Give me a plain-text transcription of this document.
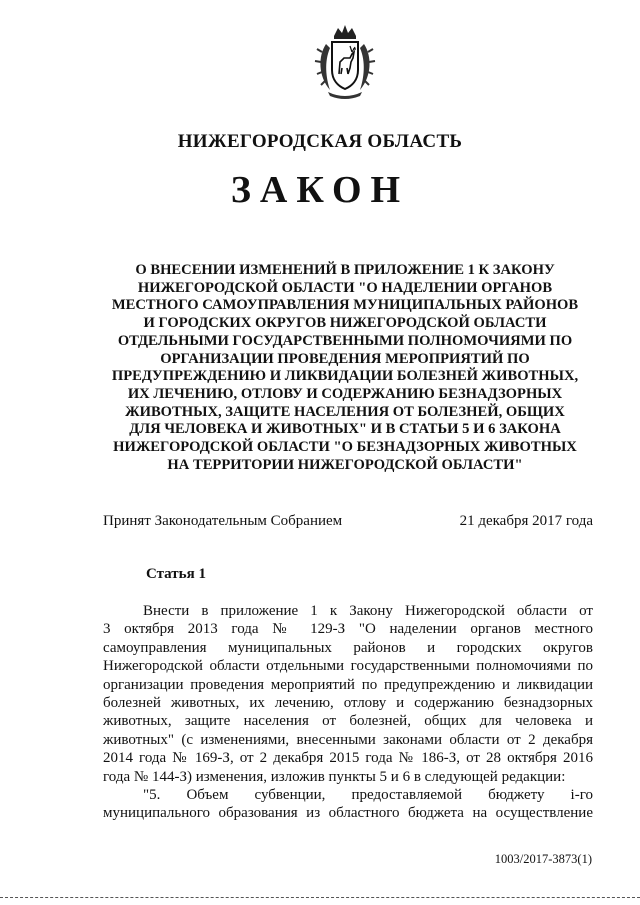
НИЖЕГОРОДСКАЯ ОБЛАСТЬ
ЗАКОН
О ВНЕСЕНИИ ИЗМЕНЕНИЙ В ПРИЛОЖЕНИЕ 1 К ЗАКОНУ
НИЖЕГОРОДСКОЙ ОБЛАСТИ "О НАДЕЛЕНИИ ОРГАНОВ
МЕСТНОГО САМОУПРАВЛЕНИЯ МУНИЦИПАЛЬНЫХ РАЙОНОВ
И ГОРОДСКИХ ОКРУГОВ НИЖЕГОРОДСКОЙ ОБЛАСТИ
ОТДЕЛЬНЫМИ ГОСУДАРСТВЕННЫМИ ПОЛНОМОЧИЯМИ ПО
ОРГАНИЗАЦИИ ПРОВЕДЕНИЯ МЕРОПРИЯТИЙ ПО
ПРЕДУПРЕЖДЕНИЮ И ЛИКВИДАЦИИ БОЛЕЗНЕЙ ЖИВОТНЫХ,
ИХ ЛЕЧЕНИЮ, ОТЛОВУ И СОДЕРЖАНИЮ БЕЗНАДЗОРНЫХ
ЖИВОТНЫХ, ЗАЩИТЕ НАСЕЛЕНИЯ ОТ БОЛЕЗНЕЙ, ОБЩИХ
ДЛЯ ЧЕЛОВЕКА И ЖИВОТНЫХ" И В СТАТЬИ 5 И 6 ЗАКОНА
НИЖЕГОРОДСКОЙ ОБЛАСТИ "О БЕЗНАДЗОРНЫХ ЖИВОТНЫХ
НА ТЕРРИТОРИИ НИЖЕГОРОДСКОЙ ОБЛАСТИ"
Принят Законодательным Собранием	21 декабря 2017 года
Статья 1
Внести в приложение 1 к Закону Нижегородской области от
3 октября 2013 года № 129-З "О наделении органов местного
самоуправления муниципальных районов и городских округов
Нижегородской области отдельными государственными полномочиями по
организации проведения мероприятий по предупреждению и ликвидации
болезней животных, их лечению, отлову и содержанию безнадзорных
животных, защите населения от болезней, общих для человека и
животных" (с изменениями, внесенными законами области от 2 декабря
2014 года № 169-З, от 2 декабря 2015 года № 186-З, от 28 октября 2016
года № 144-З) изменения, изложив пункты 5 и 6 в следующей редакции:
"5. Объем субвенции, предоставляемой бюджету i-го
муниципального образования из областного бюджета на осуществление
1003/2017-3873(1)
